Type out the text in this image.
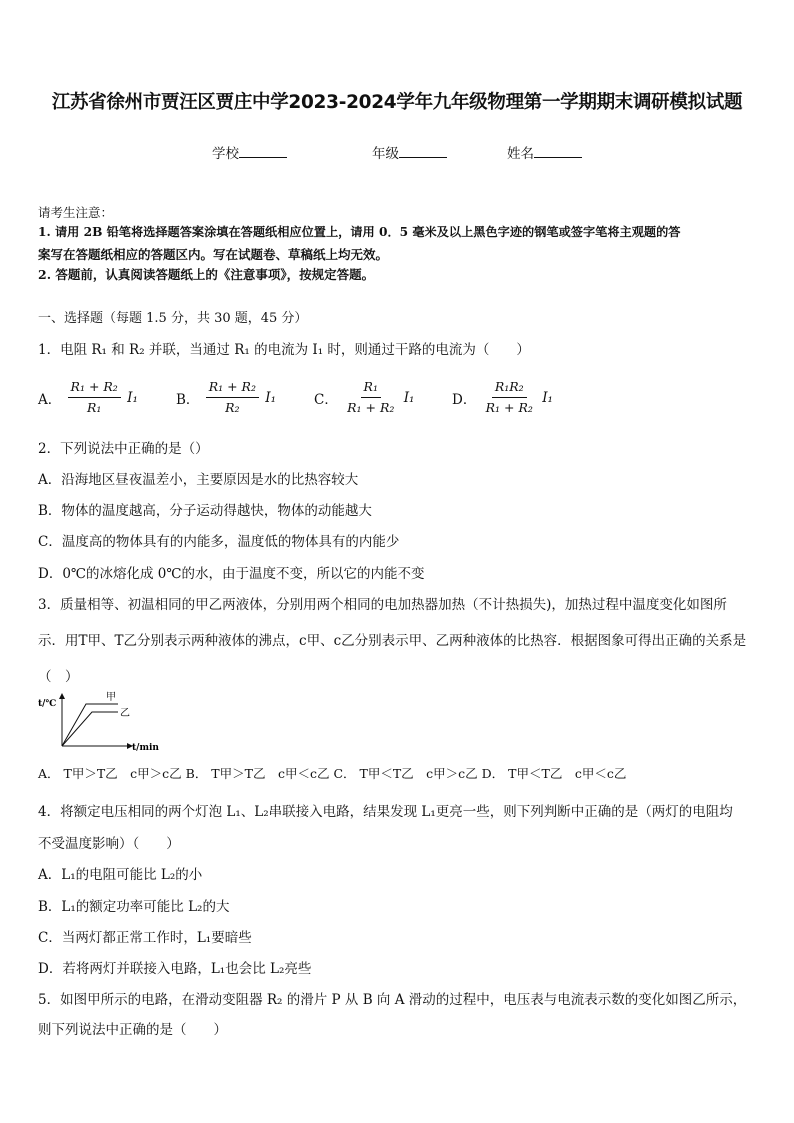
江苏省徐州市贾汪区贾庄中学2023-2024学年九年级物理第一学期期末调研模拟试题
学校	年级	姓名
请考生注意：
1. 请用 2B 铅笔将选择题答案涂填在答题纸相应位置上，请用 0．5 毫米及以上黑色字迹的钢笔或签字笔将主观题的答
案写在答题纸相应的答题区内。写在试题卷、草稿纸上均无效。
2. 答题前，认真阅读答题纸上的《注意事项》，按规定答题。
一、选择题（每题 1.5 分，共 30 题，45 分）
1．电阻 R₁ 和 R₂ 并联，当通过 R₁ 的电流为 I₁ 时，则通过干路的电流为（　　）
A． $\frac{\text{R₁ + R₂}}{\text{R₁}} I_1$	B． $\frac{\text{R₁ + R₂}}{\text{R₂}} I_1$	C． $\frac{\text{R₁}}{\text{R₁ + R₂}} I_1$	D． $\frac{\text{R₁R₂}}{\text{R₁ + R₂}} I_1$
2．下列说法中正确的是（）
A．沿海地区昼夜温差小，主要原因是水的比热容较大
B．物体的温度越高，分子运动得越快，物体的动能越大
C．温度高的物体具有的内能多，温度低的物体具有的内能少
D．0℃的冰熔化成 0℃的水，由于温度不变，所以它的内能不变
3．质量相等、初温相同的甲乙两液体，分别用两个相同的电加热器加热（不计热损失)，加热过程中温度变化如图所
示．用T甲、T乙分别表示两种液体的沸点，c甲、c乙分别表示甲、乙两种液体的比热容．根据图象可得出正确的关系是
（　）
t/℃
t/min
甲
乙
A． T甲＞T乙　c甲＞c乙 B． T甲＞T乙　c甲＜c乙 C． T甲＜T乙　c甲＞c乙 D． T甲＜T乙　c甲＜c乙
4．将额定电压相同的两个灯泡 L₁、L₂串联接入电路，结果发现 L₁更亮一些，则下列判断中正确的是（两灯的电阻均
不受温度影响）（　　）
A．L₁的电阻可能比 L₂的小
B．L₁的额定功率可能比 L₂的大
C．当两灯都正常工作时，L₁要暗些
D．若将两灯并联接入电路，L₁也会比 L₂亮些
5．如图甲所示的电路，在滑动变阻器 R₂ 的滑片 P 从 B 向 A 滑动的过程中，电压表与电流表示数的变化如图乙所示，
则下列说法中正确的是（　　）
